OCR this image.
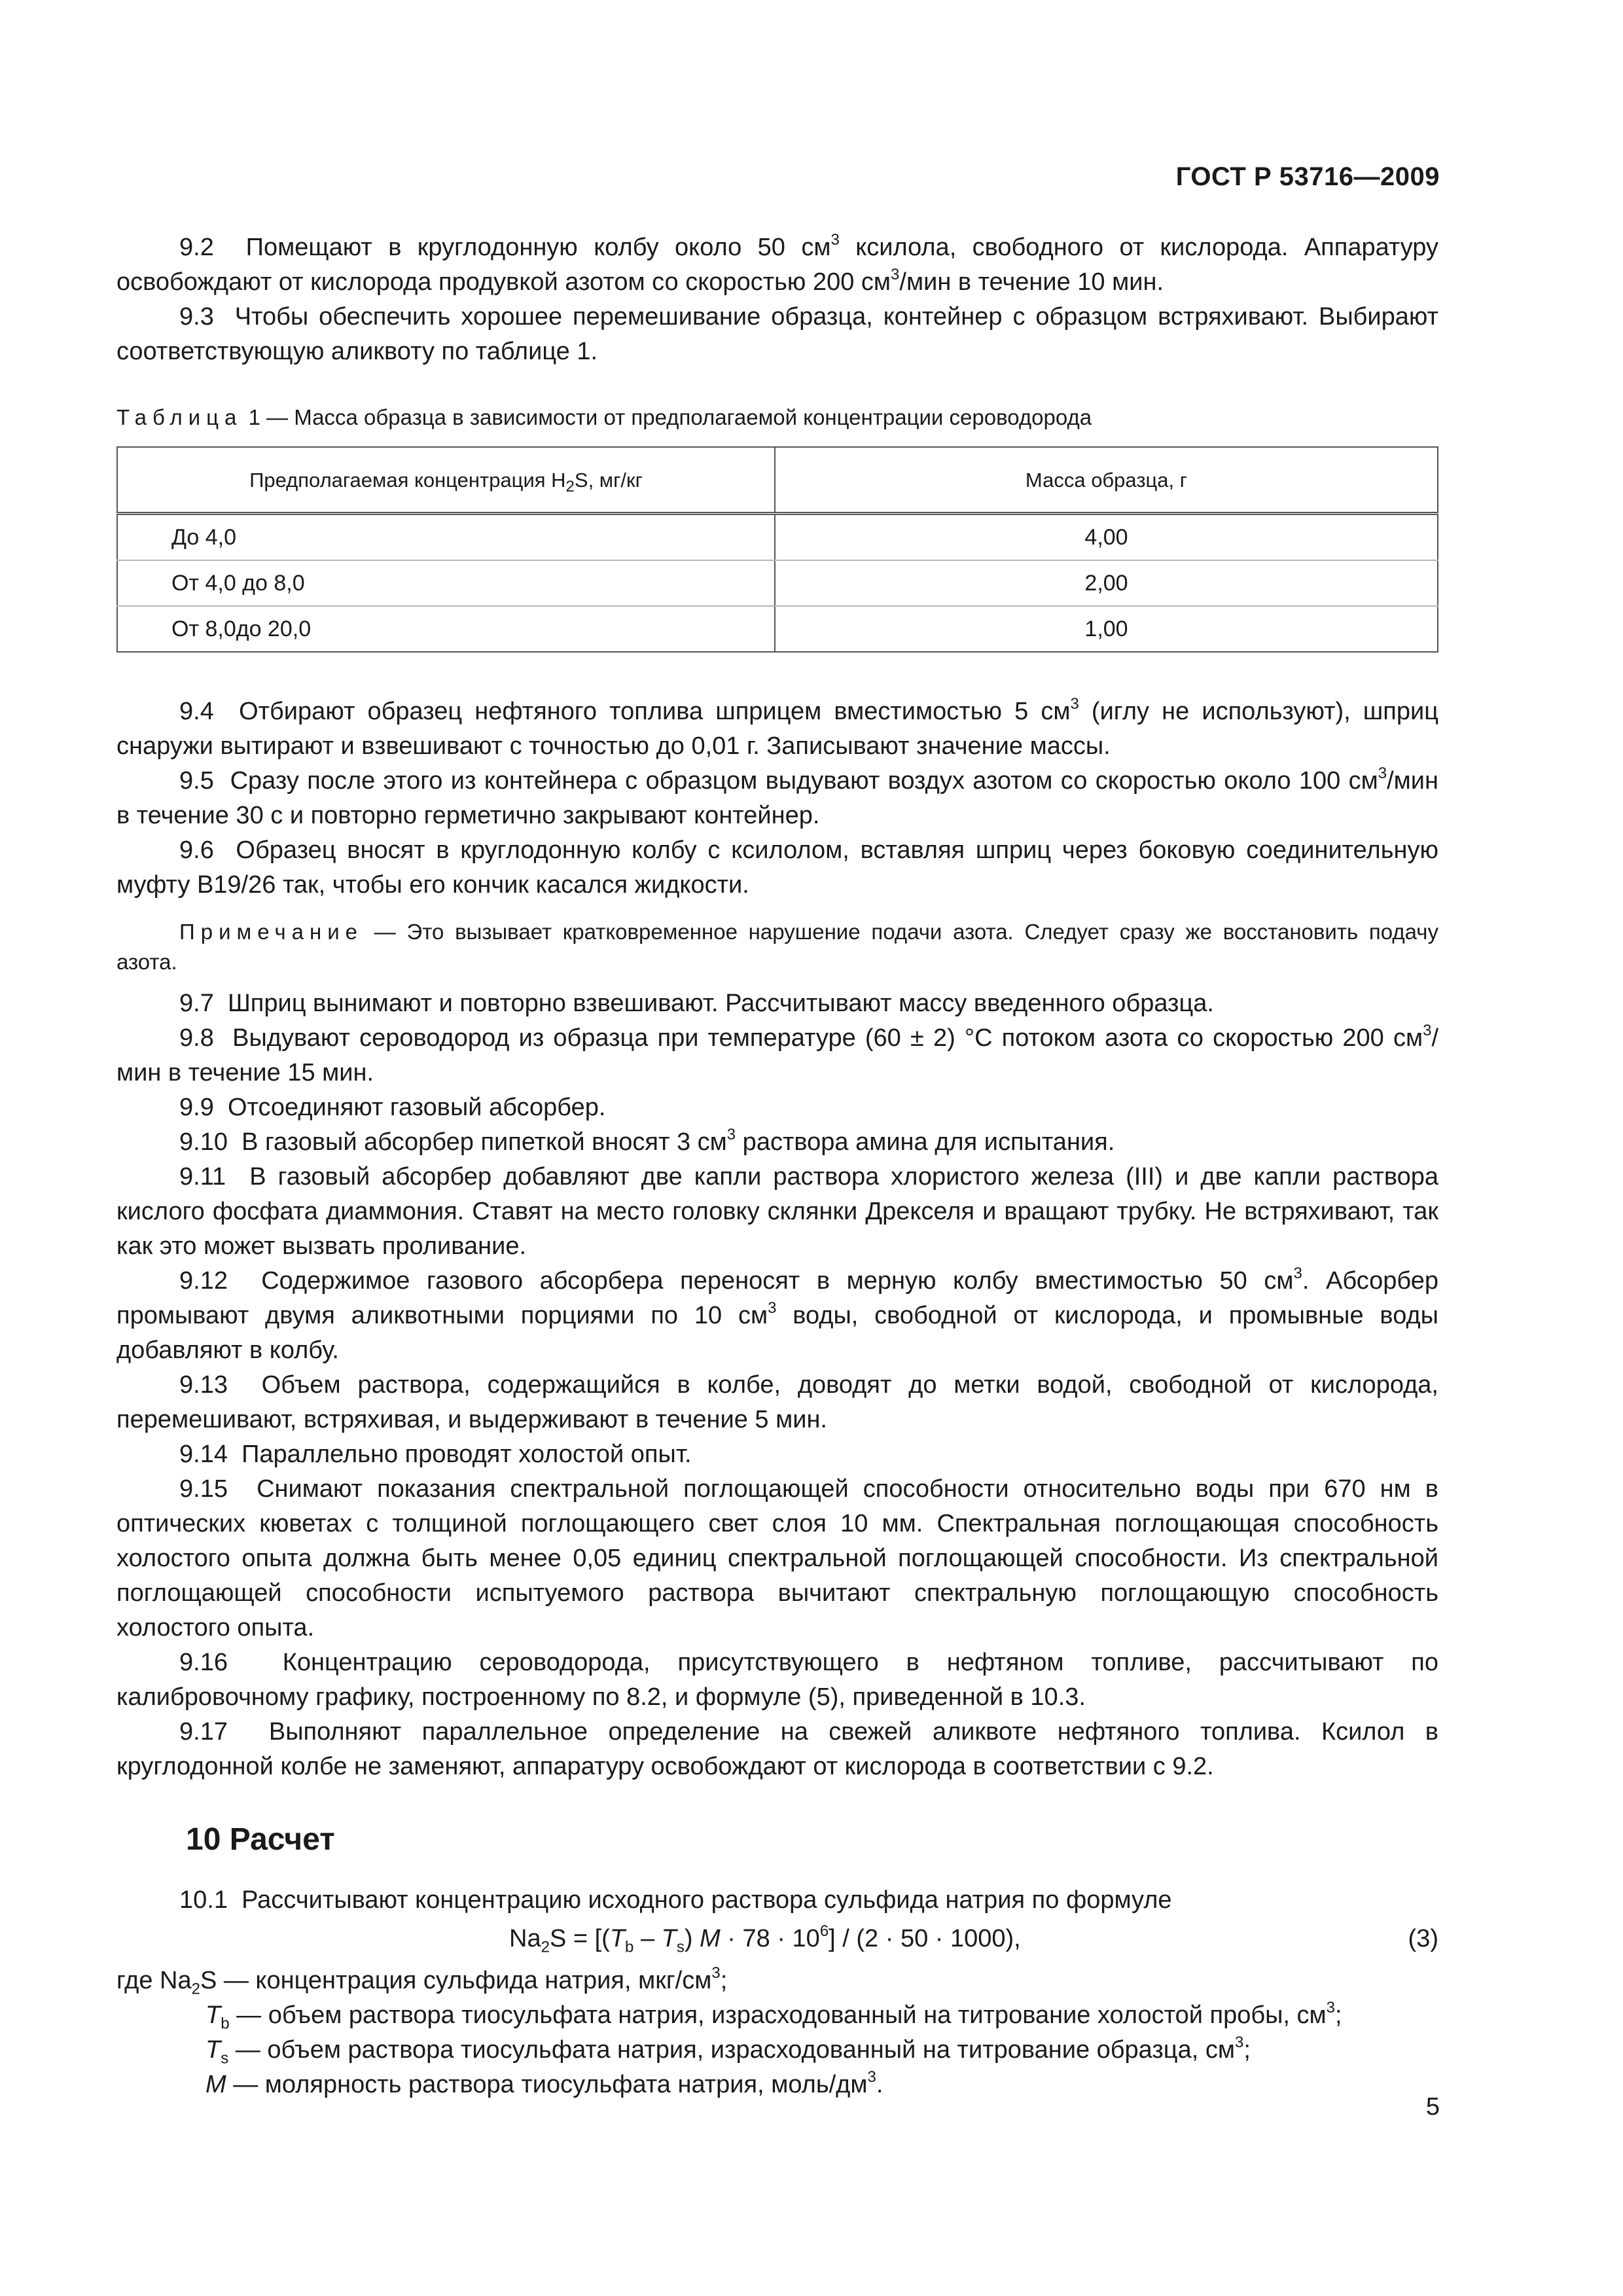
ГОСТ Р 53716—2009

9.2 Помещают в круглодонную колбу около 50 $см^3$ ксилола, свободного от кислорода. Аппаратуру освобождают от кислорода продувкой азотом со скоростью 200 $см^3$/мин в течение 10 мин.

9.3 Чтобы обеспечить хорошее перемешивание образца, контейнер с образцом встряхивают. Выбирают соответствующую аликвоту по таблице 1.

Таблица 1 — Масса образца в зависимости от предполагаемой концентрации сероводорода
Предполагаемая концентрация $H_2S$, мг/кг	Масса образца, г
До 4,0	4,00
От 4,0 до 8,0	2,00
От 8,0до 20,0	1,00

9.4 Отбирают образец нефтяного топлива шприцем вместимостью 5 $см^3$ (иглу не используют), шприц снаружи вытирают и взвешивают с точностью до 0,01 г. Записывают значение массы.

9.5 Сразу после этого из контейнера с образцом выдувают воздух азотом со скоростью около 100 $см^3$/мин в течение 30 с и повторно герметично закрывают контейнер.

9.6 Образец вносят в круглодонную колбу с ксилолом, вставляя шприц через боковую соединительную муфту В19/26 так, чтобы его кончик касался жидкости.

Примечание — Это вызывает кратковременное нарушение подачи азота. Следует сразу же восстановить подачу азота.

9.7 Шприц вынимают и повторно взвешивают. Рассчитывают массу введенного образца.

9.8 Выдувают сероводород из образца при температуре (60 ± 2) °С потоком азота со скоростью 200 $см^3$/мин в течение 15 мин.

9.9 Отсоединяют газовый абсорбер.

9.10 В газовый абсорбер пипеткой вносят 3 $см^3$ раствора амина для испытания.

9.11 В газовый абсорбер добавляют две капли раствора хлористого железа (III) и две капли раствора кислого фосфата диаммония. Ставят на место головку склянки Дрекселя и вращают трубку. Не встряхивают, так как это может вызвать проливание.

9.12 Содержимое газового абсорбера переносят в мерную колбу вместимостью 50 $см^3$. Абсорбер промывают двумя аликвотными порциями по 10 $см^3$ воды, свободной от кислорода, и промывные воды добавляют в колбу.

9.13 Объем раствора, содержащийся в колбе, доводят до метки водой, свободной от кислорода, перемешивают, встряхивая, и выдерживают в течение 5 мин.

9.14 Параллельно проводят холостой опыт.

9.15 Снимают показания спектральной поглощающей способности относительно воды при 670 нм в оптических кюветах с толщиной поглощающего свет слоя 10 мм. Спектральная поглощающая способность холостого опыта должна быть менее 0,05 единиц спектральной поглощающей способности. Из спектральной поглощающей способности испытуемого раствора вычитают спектральную поглощающую способность холостого опыта.

9.16 Концентрацию сероводорода, присутствующего в нефтяном топливе, рассчитывают по калибровочному графику, построенному по 8.2, и формуле (5), приведенной в 10.3.

9.17 Выполняют параллельное определение на свежей аликвоте нефтяного топлива. Ксилол в круглодонной колбе не заменяют, аппаратуру освобождают от кислорода в соответствии с 9.2.

10 Расчет

10.1 Рассчитывают концентрацию исходного раствора сульфида натрия по формуле

$Na_2S = [(T_b - T_s) M \cdot 78 \cdot 10^6] / (2 \cdot 50 \cdot 1000)$,	(3)
где $Na_2S$ — концентрация сульфида натрия, мкг/$см^3$;
$T_b$ — объем раствора тиосульфата натрия, израсходованный на титрование холостой пробы, $см^3$;
$T_s$ — объем раствора тиосульфата натрия, израсходованный на титрование образца, $см^3$;
M — молярность раствора тиосульфата натрия, моль/$дм^3$.
5
